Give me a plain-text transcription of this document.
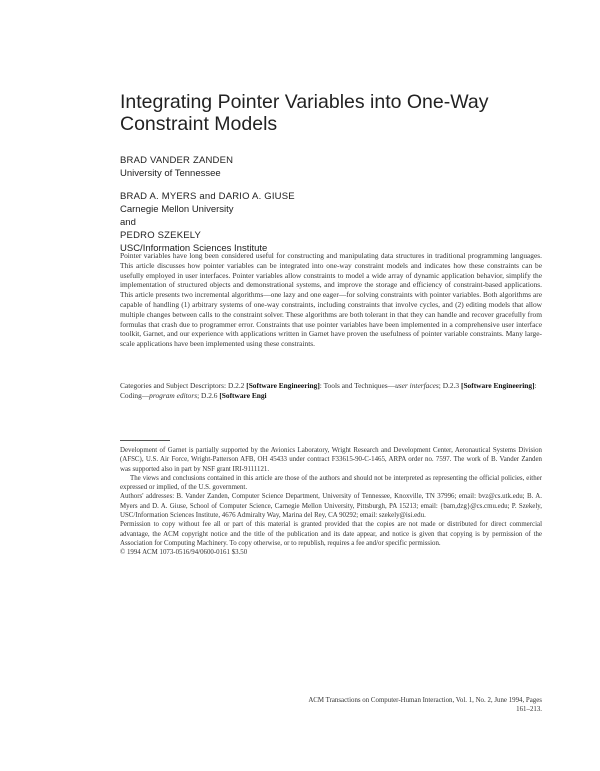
Integrating Pointer Variables into One-Way Constraint Models
BRAD VANDER ZANDEN
University of Tennessee
BRAD A. MYERS and DARIO A. GIUSE
Carnegie Mellon University
and
PEDRO SZEKELY
USC/Information Sciences Institute
Pointer variables have long been considered useful for constructing and manipulating data structures in traditional programming languages. This article discusses how pointer variables can be integrated into one-way constraint models and indicates how these constraints can be usefully employed in user interfaces. Pointer variables allow constraints to model a wide array of dynamic application behavior, simplify the implementation of structured objects and demonstrational systems, and improve the storage and efficiency of constraint-based applications. This article presents two incremental algorithms—one lazy and one eager—for solving constraints with pointer variables. Both algorithms are capable of handling (1) arbitrary systems of one-way constraints, including constraints that involve cycles, and (2) editing models that allow multiple changes between calls to the constraint solver. These algorithms are both tolerant in that they can handle and recover gracefully from formulas that crash due to programmer error. Constraints that use pointer variables have been implemented in a comprehensive user interface toolkit, Garnet, and our experience with applications written in Garnet have proven the usefulness of pointer variable constraints. Many large-scale applications have been implemented using these constraints.
Categories and Subject Descriptors: D.2.2 [Software Engineering]: Tools and Techniques—user interfaces; D.2.3 [Software Engineering]: Coding—program editors; D.2.6 [Software Engi

Development of Garnet is partially supported by the Avionics Laboratory, Wright Research and Development Center, Aeronautical Systems Division (AFSC), U.S. Air Force, Wright-Patterson AFB, OH 45433 under contract F33615-90-C-1465, ARPA order no. 7597. The work of B. Vander Zanden was supported also in part by NSF grant IRI-9111121.

The views and conclusions contained in this article are those of the authors and should not be interpreted as representing the official policies, either expressed or implied, of the U.S. government.

Authors' addresses: B. Vander Zanden, Computer Science Department, University of Tennessee, Knoxville, TN 37996; email: bvz@cs.utk.edu; B. A. Myers and D. A. Giuse, School of Computer Science, Carnegie Mellon University, Pittsburgh, PA 15213; email: {bam,dzg}@cs.cmu.edu; P. Szekely, USC/Information Sciences Institute, 4676 Admiralty Way, Marina del Rey, CA 90292; email: szekely@isi.edu.

Permission to copy without fee all or part of this material is granted provided that the copies are not made or distributed for direct commercial advantage, the ACM copyright notice and the title of the publication and its date appear, and notice is given that copying is by permission of the Association for Computing Machinery. To copy otherwise, or to republish, requires a fee and/or specific permission.

© 1994 ACM 1073-0516/94/0600-0161 $3.50

ACM Transactions on Computer-Human Interaction, Vol. 1, No. 2, June 1994, Pages 161–213.
